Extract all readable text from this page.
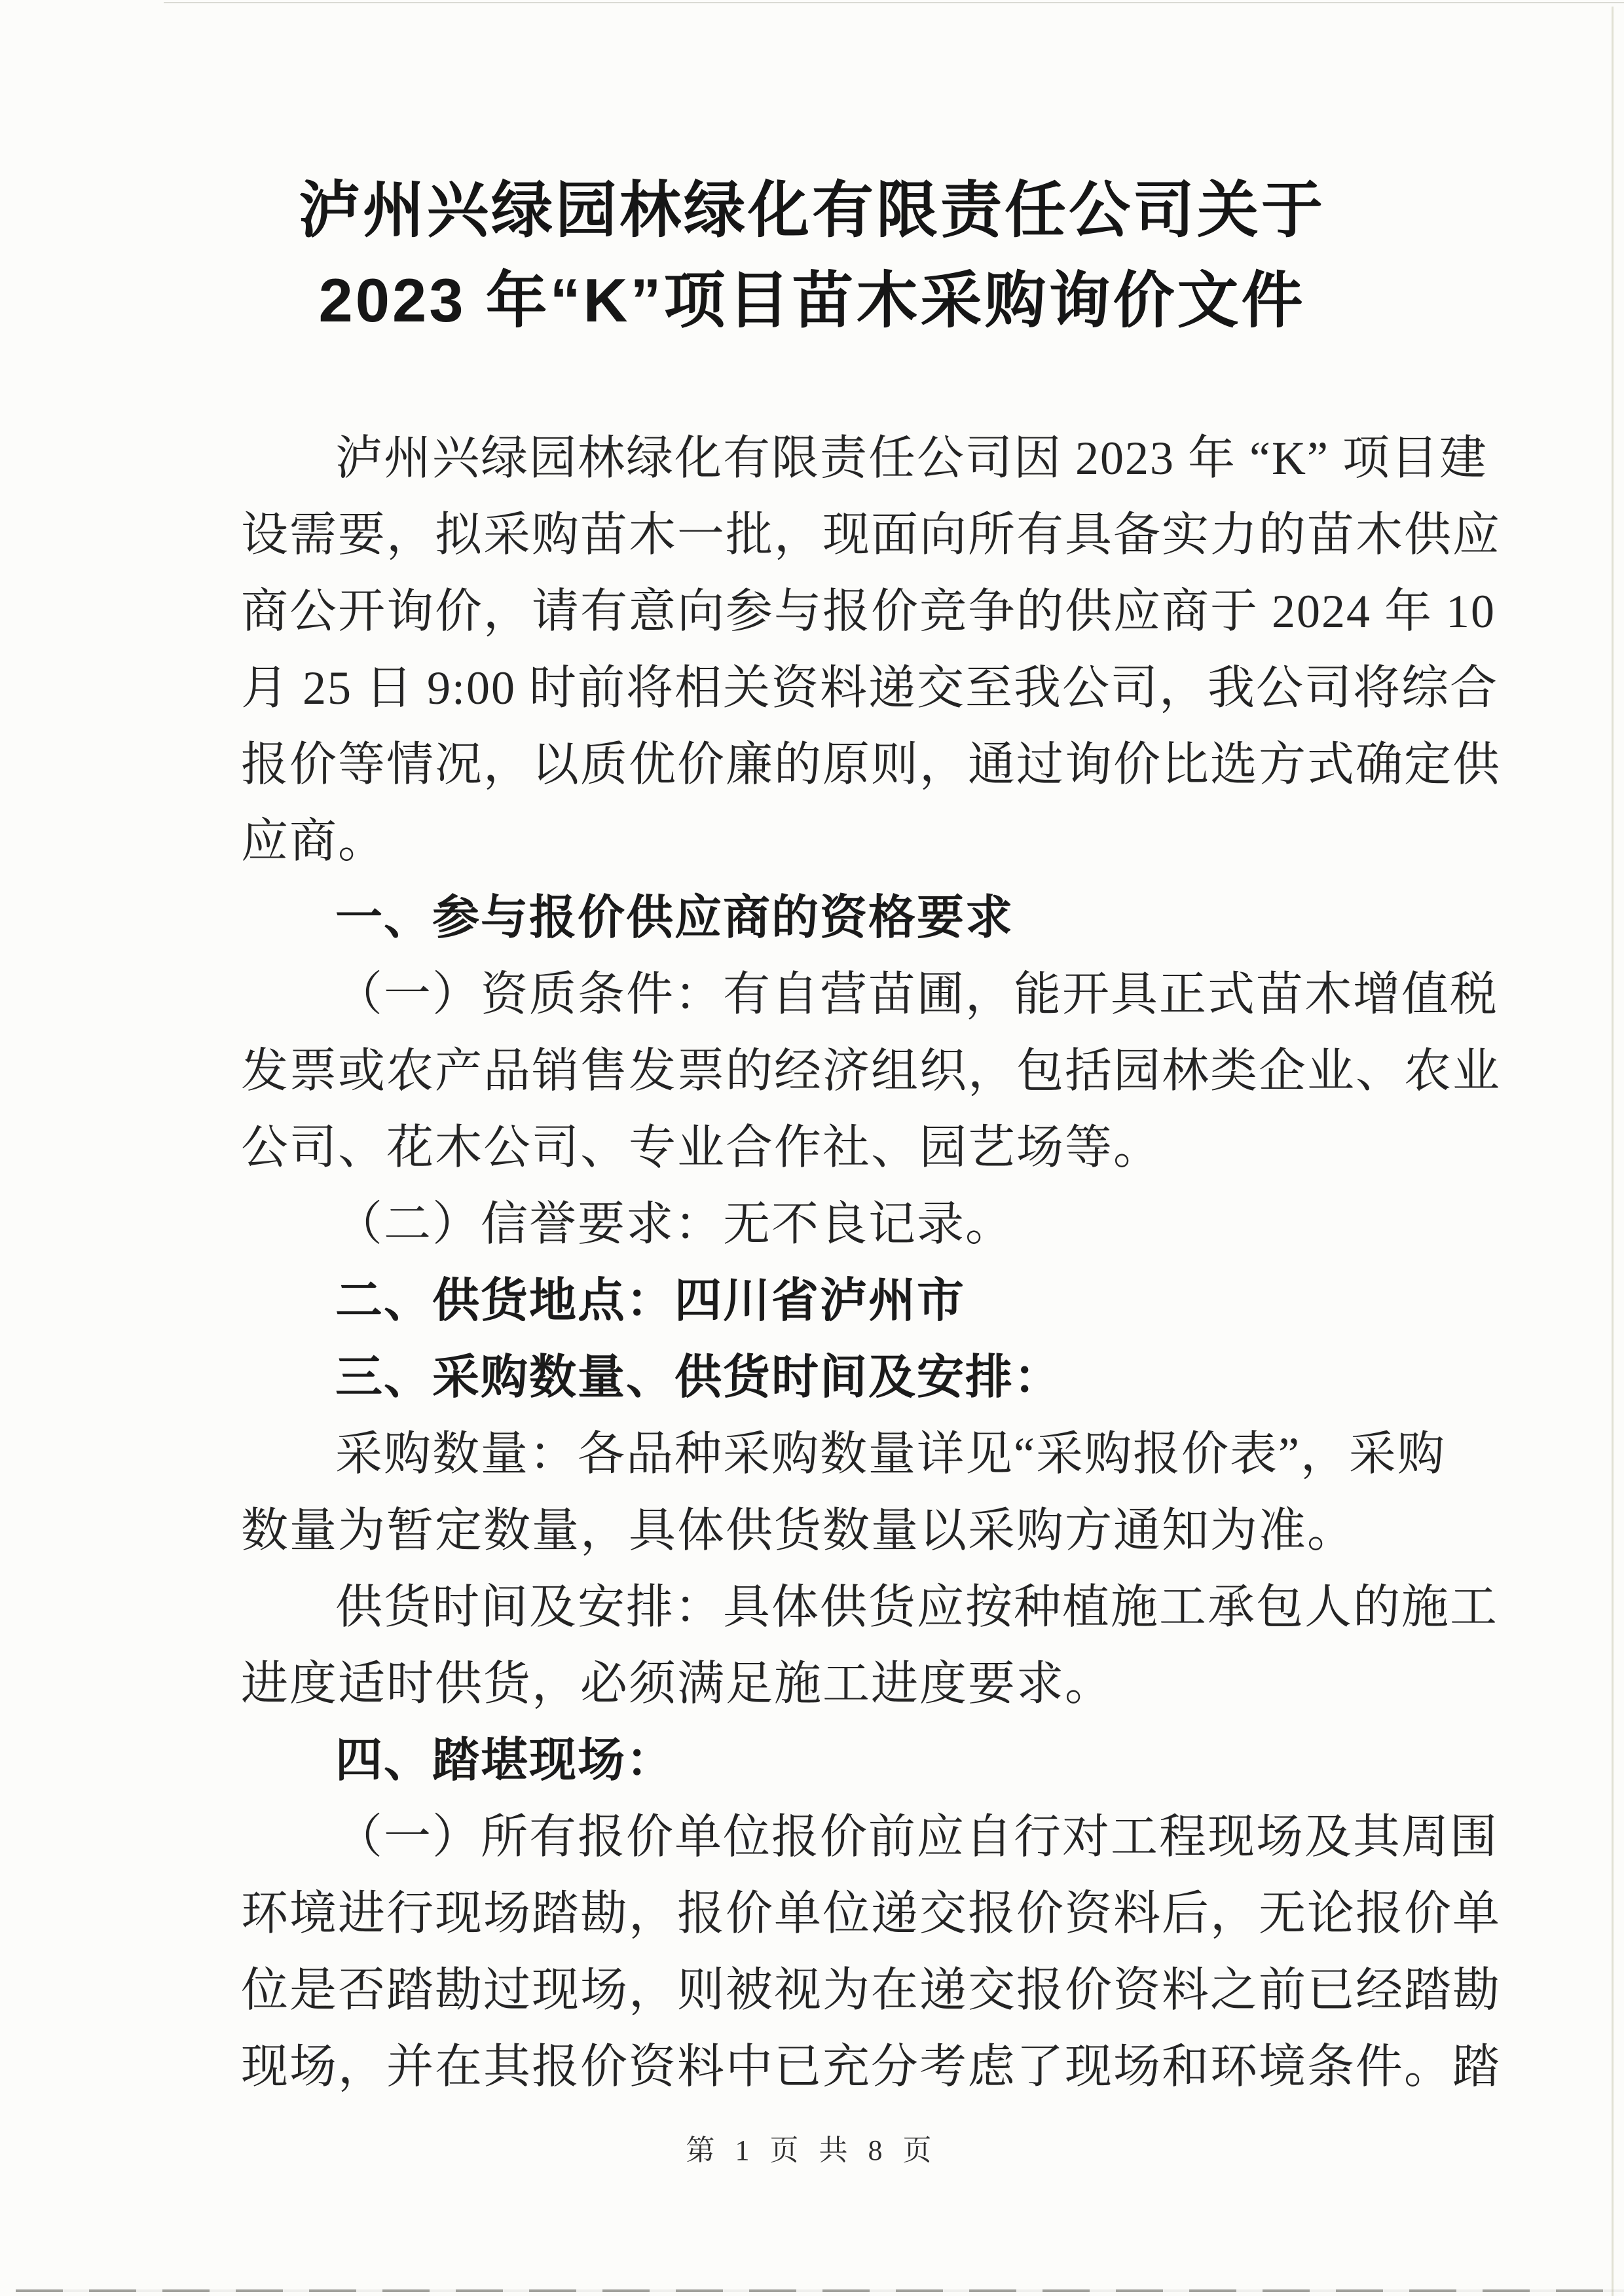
泸州兴绿园林绿化有限责任公司关于
2023 年“K”项目苗木采购询价文件
泸州兴绿园林绿化有限责任公司因 2023 年 “K” 项目建
设需要，拟采购苗木一批，现面向所有具备实力的苗木供应
商公开询价，请有意向参与报价竞争的供应商于 2024 年 10
月 25 日 9:00 时前将相关资料递交至我公司，我公司将综合
报价等情况，以质优价廉的原则，通过询价比选方式确定供
应商。
一、参与报价供应商的资格要求
（一）资质条件：有自营苗圃，能开具正式苗木增值税
发票或农产品销售发票的经济组织，包括园林类企业、农业
公司、花木公司、专业合作社、园艺场等。
（二）信誉要求：无不良记录。
二、供货地点：四川省泸州市
三、采购数量、供货时间及安排：
采购数量：各品种采购数量详见“采购报价表”，采购
数量为暂定数量，具体供货数量以采购方通知为准。
供货时间及安排：具体供货应按种植施工承包人的施工
进度适时供货，必须满足施工进度要求。
四、踏堪现场：
（一）所有报价单位报价前应自行对工程现场及其周围
环境进行现场踏勘，报价单位递交报价资料后，无论报价单
位是否踏勘过现场，则被视为在递交报价资料之前已经踏勘
现场，并在其报价资料中已充分考虑了现场和环境条件。踏
第 1 页 共 8 页
